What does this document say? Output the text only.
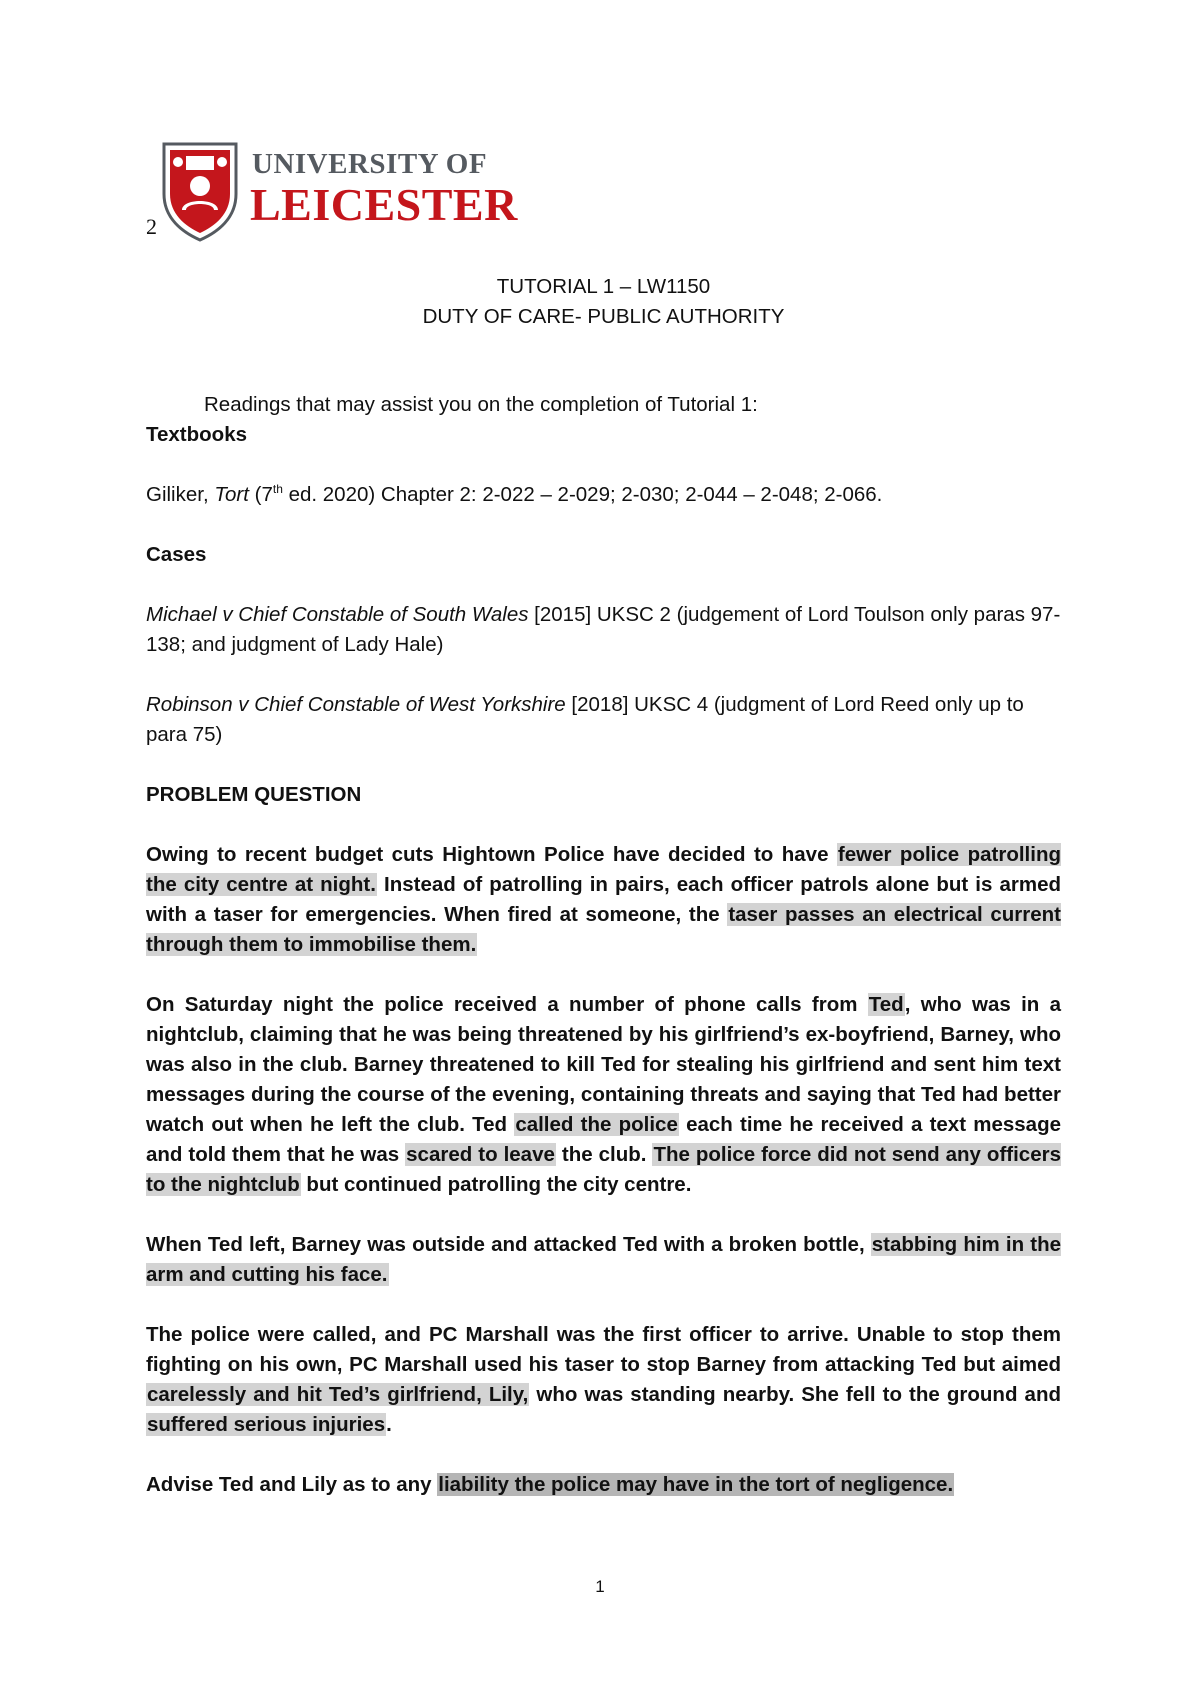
UNIVERSITY OF
LEICESTER
2
TUTORIAL 1 – LW1150
DUTY OF CARE- PUBLIC AUTHORITY

Readings that may assist you on the completion of Tutorial 1:

Textbooks

Giliker, Tort (7th ed. 2020) Chapter 2: 2-022 – 2-029; 2-030; 2-044 – 2-048; 2-066.

Cases

Michael v Chief Constable of South Wales [2015] UKSC 2 (judgement of Lord Toulson only paras 97-138; and judgment of Lady Hale)

Robinson v Chief Constable of West Yorkshire [2018] UKSC 4 (judgment of Lord Reed only up to para 75)

PROBLEM QUESTION

Owing to recent budget cuts Hightown Police have decided to have fewer police patrolling the city centre at night. Instead of patrolling in pairs, each officer patrols alone but is armed with a taser for emergencies. When fired at someone, the taser passes an electrical current through them to immobilise them.

On Saturday night the police received a number of phone calls from Ted, who was in a nightclub, claiming that he was being threatened by his girlfriend’s ex-boyfriend, Barney, who was also in the club. Barney threatened to kill Ted for stealing his girlfriend and sent him text messages during the course of the evening, containing threats and saying that Ted had better watch out when he left the club. Ted called the police each time he received a text message and told them that he was scared to leave the club. The police force did not send any officers to the nightclub but continued patrolling the city centre.

When Ted left, Barney was outside and attacked Ted with a broken bottle, stabbing him in the arm and cutting his face.

The police were called, and PC Marshall was the first officer to arrive. Unable to stop them fighting on his own, PC Marshall used his taser to stop Barney from attacking Ted but aimed carelessly and hit Ted’s girlfriend, Lily, who was standing nearby. She fell to the ground and suffered serious injuries.

Advise Ted and Lily as to any liability the police may have in the tort of negligence.

1
